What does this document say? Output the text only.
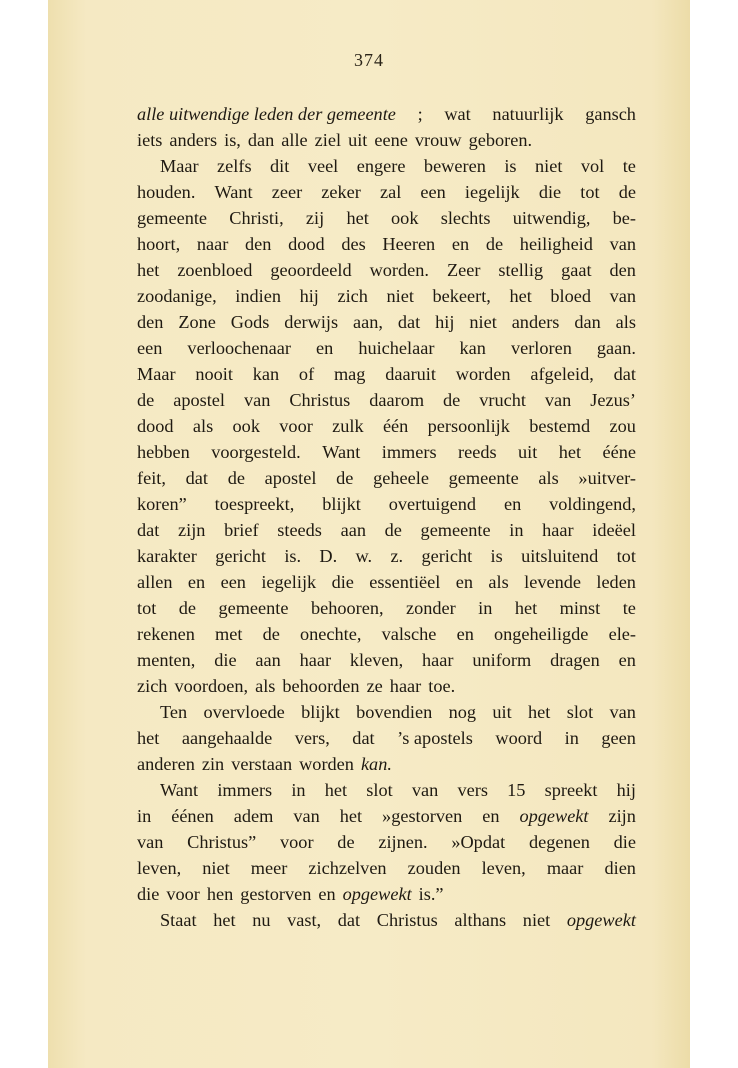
374
alle uitwendige leden der gemeente ; wat natuurlijk gansch
iets anders is, dan alle ziel uit eene vrouw geboren.
Maar zelfs dit veel engere beweren is niet vol te
houden. Want zeer zeker zal een iegelijk die tot de
gemeente Christi, zij het ook slechts uitwendig, be-
hoort, naar den dood des Heeren en de heiligheid van
het zoenbloed geoordeeld worden. Zeer stellig gaat den
zoodanige, indien hij zich niet bekeert, het bloed van
den Zone Gods derwijs aan, dat hij niet anders dan als
een verloochenaar en huichelaar kan verloren gaan.
Maar nooit kan of mag daaruit worden afgeleid, dat
de apostel van Christus daarom de vrucht van Jezus’
dood als ook voor zulk één persoonlijk bestemd zou
hebben voorgesteld. Want immers reeds uit het ééne
feit, dat de apostel de geheele gemeente als »uitver-
koren” toespreekt, blijkt overtuigend en voldingend,
dat zijn brief steeds aan de gemeente in haar ideëel
karakter gericht is. D. w. z. gericht is uitsluitend tot
allen en een iegelijk die essentiëel en als levende leden
tot de gemeente behooren, zonder in het minst te
rekenen met de onechte, valsche en ongeheiligde ele-
menten, die aan haar kleven, haar uniform dragen en
zich voordoen, als behoorden ze haar toe.
Ten overvloede blijkt bovendien nog uit het slot van
het aangehaalde vers, dat ’s apostels woord in geen
anderen zin verstaan worden kan.
Want immers in het slot van vers 15 spreekt hij
in éénen adem van het »gestorven en opgewekt zijn
van Christus” voor de zijnen. »Opdat degenen die
leven, niet meer zichzelven zouden leven, maar dien
die voor hen gestorven en opgewekt is.”
Staat het nu vast, dat Christus althans niet opgewekt
